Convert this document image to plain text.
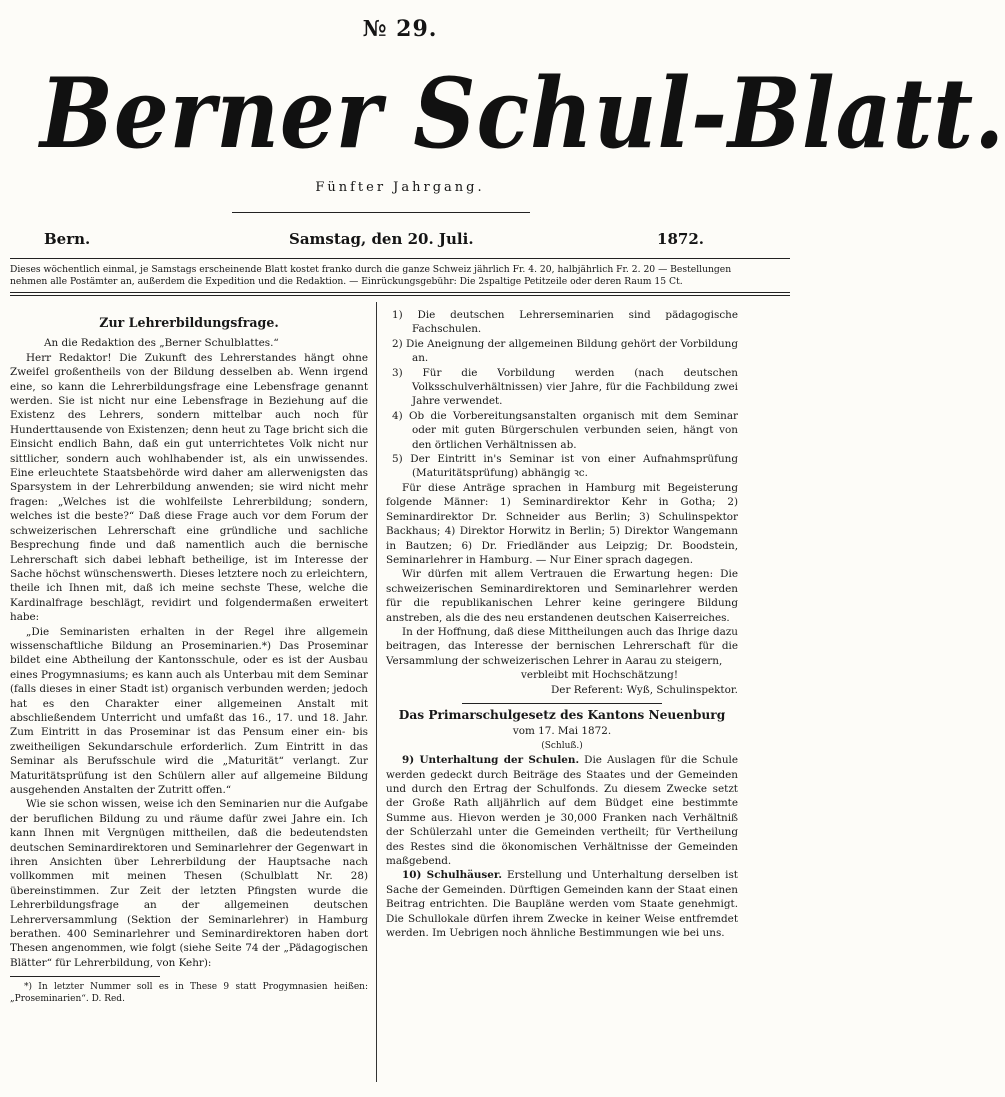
№ 29.
Berner Schul-Blatt.
Fünfter Jahrgang.
Bern.	Samstag, den 20. Juli.	1872.
Dieses wöchentlich einmal, je Samstags erscheinende Blatt kostet franko durch die ganze Schweiz jährlich Fr. 4. 20, halbjährlich Fr. 2. 20 — Bestellungen
nehmen alle Postämter an, außerdem die Expedition und die Redaktion. — Einrückungsgebühr: Die 2spaltige Petitzeile oder deren Raum 15 Ct.
Zur Lehrerbildungsfrage.

An die Redaktion des „Berner Schulblattes.“

Herr Redaktor! Die Zukunft des Lehrerstandes hängt ohne Zweifel großentheils von der Bildung desselben ab. Wenn irgend eine, so kann die Lehrerbildungsfrage eine Lebensfrage genannt werden. Sie ist nicht nur eine Lebensfrage in Beziehung auf die Existenz des Lehrers, sondern mittelbar auch noch für Hunderttausende von Existenzen; denn heut zu Tage bricht sich die Einsicht endlich Bahn, daß ein gut unterrichtetes Volk nicht nur sittlicher, sondern auch wohlhabender ist, als ein unwissendes. Eine erleuchtete Staatsbehörde wird daher am allerwenigsten das Sparsystem in der Lehrerbildung anwenden; sie wird nicht mehr fragen: „Welches ist die wohlfeilste Lehrerbildung; sondern, welches ist die beste?“ Daß diese Frage auch vor dem Forum der schweizerischen Lehrerschaft eine gründliche und sachliche Besprechung finde und daß namentlich auch die bernische Lehrerschaft sich dabei lebhaft betheilige, ist im Interesse der Sache höchst wünschenswerth. Dieses letztere noch zu erleichtern, theile ich Ihnen mit, daß ich meine sechste These, welche die Kardinalfrage beschlägt, revidirt und folgendermaßen erweitert habe:

„Die Seminaristen erhalten in der Regel ihre allgemein wissenschaftliche Bildung an Proseminarien.*) Das Proseminar bildet eine Abtheilung der Kantonsschule, oder es ist der Ausbau eines Progymnasiums; es kann auch als Unterbau mit dem Seminar (falls dieses in einer Stadt ist) organisch verbunden werden; jedoch hat es den Charakter einer allgemeinen Anstalt mit abschließendem Unterricht und umfaßt das 16., 17. und 18. Jahr. Zum Eintritt in das Proseminar ist das Pensum einer ein- bis zweitheiligen Sekundarschule erforderlich. Zum Eintritt in das Seminar als Berufsschule wird die „Maturität“ verlangt. Zur Maturitätsprüfung ist den Schülern aller auf allgemeine Bildung ausgehenden Anstalten der Zutritt offen.“

Wie sie schon wissen, weise ich den Seminarien nur die Aufgabe der beruflichen Bildung zu und räume dafür zwei Jahre ein. Ich kann Ihnen mit Vergnügen mittheilen, daß die bedeutendsten deutschen Seminardirektoren und Seminarlehrer der Gegenwart in ihren Ansichten über Lehrerbildung der Hauptsache nach vollkommen mit meinen Thesen (Schulblatt Nr. 28) übereinstimmen. Zur Zeit der letzten Pfingsten wurde die Lehrerbildungsfrage an der allgemeinen deutschen Lehrerversammlung (Sektion der Seminarlehrer) in Hamburg berathen. 400 Seminarlehrer und Seminardirektoren haben dort Thesen angenommen, wie folgt (siehe Seite 74 der „Pädagogischen Blätter“ für Lehrerbildung, von Kehr):

*) In letzter Nummer soll es in These 9 statt Progymnasien heißen: „Proseminarien“. D. Red.

1) Die deutschen Lehrerseminarien sind pädagogische Fachschulen.

2) Die Aneignung der allgemeinen Bildung gehört der Vorbildung an.

3) Für die Vorbildung werden (nach deutschen Volksschulverhältnissen) vier Jahre, für die Fachbildung zwei Jahre verwendet.

4) Ob die Vorbereitungsanstalten organisch mit dem Seminar oder mit guten Bürgerschulen verbunden seien, hängt von den örtlichen Verhältnissen ab.

5) Der Eintritt in's Seminar ist von einer Aufnahmsprüfung (Maturitätsprüfung) abhängig ꝛc.

Für diese Anträge sprachen in Hamburg mit Begeisterung folgende Männer: 1) Seminardirektor Kehr in Gotha; 2) Seminardirektor Dr. Schneider aus Berlin; 3) Schulinspektor Backhaus; 4) Direktor Horwitz in Berlin; 5) Direktor Wangemann in Bautzen; 6) Dr. Friedländer aus Leipzig; Dr. Boodstein, Seminarlehrer in Hamburg. — Nur Einer sprach dagegen.

Wir dürfen mit allem Vertrauen die Erwartung hegen: Die schweizerischen Seminardirektoren und Seminarlehrer werden für die republikanischen Lehrer keine geringere Bildung anstreben, als die des neu erstandenen deutschen Kaiserreiches.

In der Hoffnung, daß diese Mittheilungen auch das Ihrige dazu beitragen, das Interesse der bernischen Lehrerschaft für die Versammlung der schweizerischen Lehrer in Aarau zu steigern,

verbleibt mit Hochschätzung!

Der Referent: Wyß, Schulinspektor.

Das Primarschulgesetz des Kantons Neuenburg
vom 17. Mai 1872.
(Schluß.)

9) Unterhaltung der Schulen. Die Auslagen für die Schule werden gedeckt durch Beiträge des Staates und der Gemeinden und durch den Ertrag der Schulfonds. Zu diesem Zwecke setzt der Große Rath alljährlich auf dem Büdget eine bestimmte Summe aus. Hievon werden je 30,000 Franken nach Verhältniß der Schülerzahl unter die Gemeinden vertheilt; für Vertheilung des Restes sind die ökonomischen Verhältnisse der Gemeinden maßgebend.

10) Schulhäuser. Erstellung und Unterhaltung derselben ist Sache der Gemeinden. Dürftigen Gemeinden kann der Staat einen Beitrag entrichten. Die Baupläne werden vom Staate genehmigt. Die Schullokale dürfen ihrem Zwecke in keiner Weise entfremdet werden. Im Uebrigen noch ähnliche Bestimmungen wie bei uns.
